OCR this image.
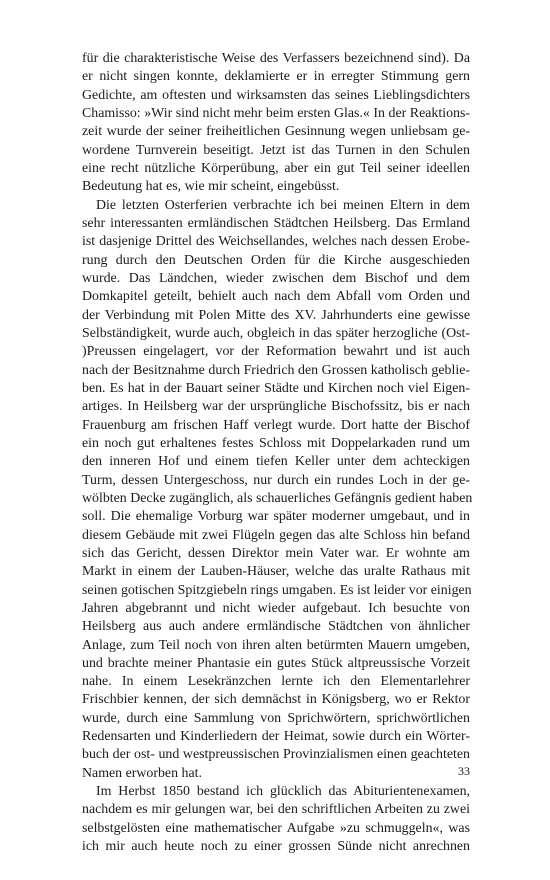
für die charakteristische Weise des Verfassers bezeichnend sind). Da
er nicht singen konnte, deklamierte er in erregter Stimmung gern
Gedichte, am oftesten und wirksamsten das seines Lieblingsdichters
Chamisso: »Wir sind nicht mehr beim ersten Glas.« In der Reaktions-
zeit wurde der seiner freiheitlichen Gesinnung wegen unliebsam ge-
wordene Turnverein beseitigt. Jetzt ist das Turnen in den Schulen
eine recht nützliche Körperübung, aber ein gut Teil seiner ideellen
Bedeutung hat es, wie mir scheint, eingebüsst.
Die letzten Osterferien verbrachte ich bei meinen Eltern in dem
sehr interessanten ermländischen Städtchen Heilsberg. Das Ermland
ist dasjenige Drittel des Weichsellandes, welches nach dessen Erobe-
rung durch den Deutschen Orden für die Kirche ausgeschieden
wurde. Das Ländchen, wieder zwischen dem Bischof und dem
Domkapitel geteilt, behielt auch nach dem Abfall vom Orden und
der Verbindung mit Polen Mitte des XV. Jahrhunderts eine gewisse
Selbständigkeit, wurde auch, obgleich in das später herzogliche (Ost-
)Preussen eingelagert, vor der Reformation bewahrt und ist auch
nach der Besitznahme durch Friedrich den Grossen katholisch geblie-
ben. Es hat in der Bauart seiner Städte und Kirchen noch viel Eigen-
artiges. In Heilsberg war der ursprüngliche Bischofssitz, bis er nach
Frauenburg am frischen Haff verlegt wurde. Dort hatte der Bischof
ein noch gut erhaltenes festes Schloss mit Doppelarkaden rund um
den inneren Hof und einem tiefen Keller unter dem achteckigen
Turm, dessen Untergeschoss, nur durch ein rundes Loch in der ge-
wölbten Decke zugänglich, als schauerliches Gefängnis gedient haben
soll. Die ehemalige Vorburg war später moderner umgebaut, und in
diesem Gebäude mit zwei Flügeln gegen das alte Schloss hin befand
sich das Gericht, dessen Direktor mein Vater war. Er wohnte am
Markt in einem der Lauben-Häuser, welche das uralte Rathaus mit
seinen gotischen Spitzgiebeln rings umgaben. Es ist leider vor einigen
Jahren abgebrannt und nicht wieder aufgebaut. Ich besuchte von
Heilsberg aus auch andere ermländische Städtchen von ähnlicher
Anlage, zum Teil noch von ihren alten betürmten Mauern umgeben,
und brachte meiner Phantasie ein gutes Stück altpreussische Vorzeit
nahe. In einem Lesekränzchen lernte ich den Elementarlehrer
Frischbier kennen, der sich demnächst in Königsberg, wo er Rektor
wurde, durch eine Sammlung von Sprichwörtern, sprichwörtlichen
Redensarten und Kinderliedern der Heimat, sowie durch ein Wörter-
buch der ost- und westpreussischen Provinzialismen einen geachteten
Namen erworben hat.
Im Herbst 1850 bestand ich glücklich das Abiturientenexamen,
nachdem es mir gelungen war, bei den schriftlichen Arbeiten zu zwei
selbstgelösten eine mathematischer Aufgabe »zu schmuggeln«, was
ich mir auch heute noch zu einer grossen Sünde nicht anrechnen
33
